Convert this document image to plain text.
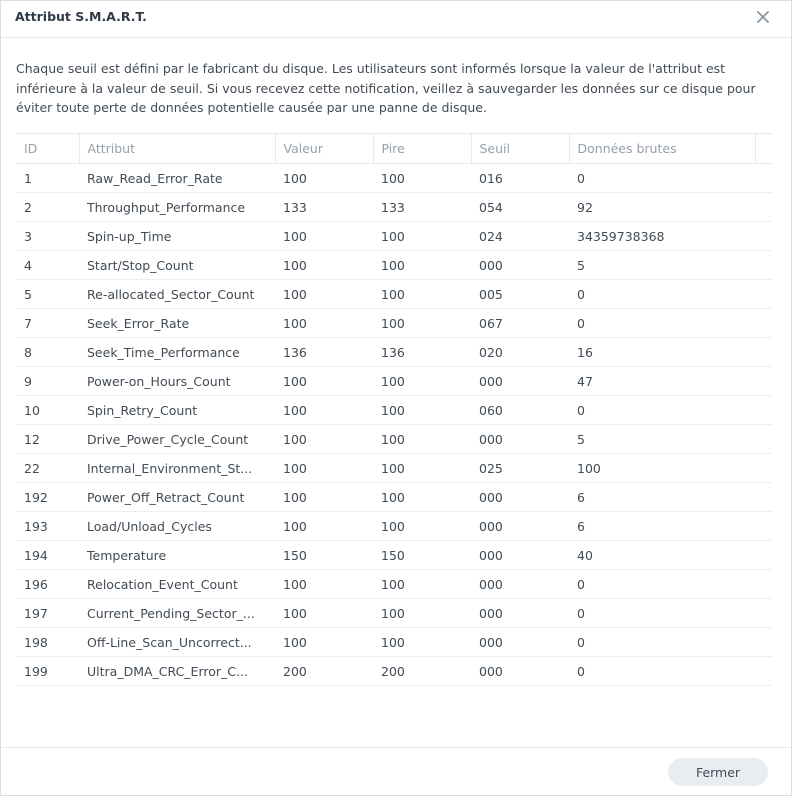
Attribut S.M.A.R.T.
Chaque seuil est défini par le fabricant du disque. Les utilisateurs sont informés lorsque la valeur de l'attribut est inférieure à la valeur de seuil. Si vous recevez cette notification, veillez à sauvegarder les données sur ce disque pour éviter toute perte de données potentielle causée par une panne de disque.
ID	Attribut	Valeur	Pire	Seuil	Données brutes	
1	Raw_Read_Error_Rate	100	100	016	0	
2	Throughput_Performance	133	133	054	92	
3	Spin-up_Time	100	100	024	34359738368	
4	Start/Stop_Count	100	100	000	5	
5	Re-allocated_Sector_Count	100	100	005	0	
7	Seek_Error_Rate	100	100	067	0	
8	Seek_Time_Performance	136	136	020	16	
9	Power-on_Hours_Count	100	100	000	47	
10	Spin_Retry_Count	100	100	060	0	
12	Drive_Power_Cycle_Count	100	100	000	5	
22	Internal_Environment_St...	100	100	025	100	
192	Power_Off_Retract_Count	100	100	000	6	
193	Load/Unload_Cycles	100	100	000	6	
194	Temperature	150	150	000	40	
196	Relocation_Event_Count	100	100	000	0	
197	Current_Pending_Sector_...	100	100	000	0	
198	Off-Line_Scan_Uncorrect...	100	100	000	0	
199	Ultra_DMA_CRC_Error_C...	200	200	000	0	
Fermer
